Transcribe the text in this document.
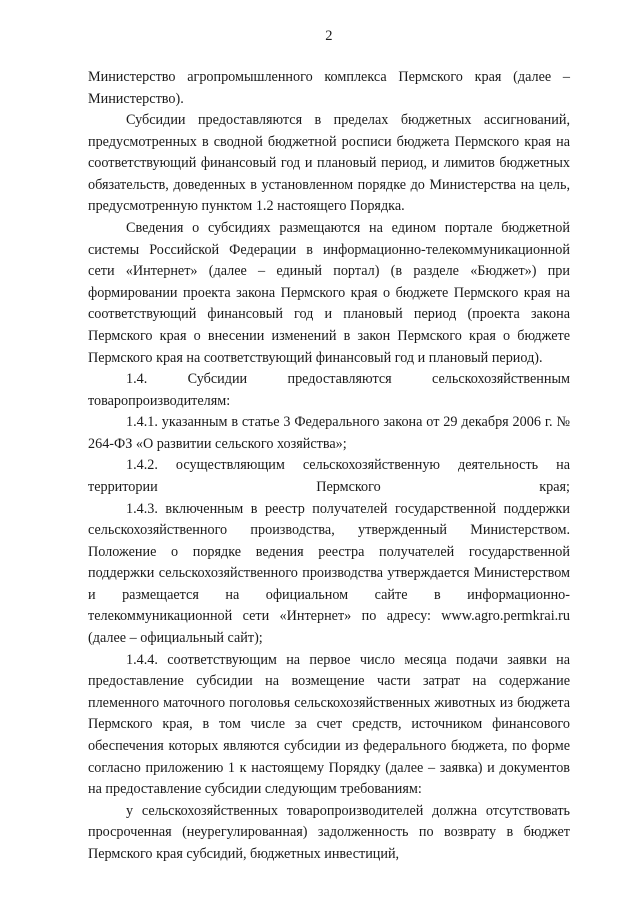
2

Министерство агропромышленного комплекса Пермского края (далее – Министерство).

Субсидии предоставляются в пределах бюджетных ассигнований, предусмотренных в сводной бюджетной росписи бюджета Пермского края на соответствующий финансовый год и плановый период, и лимитов бюджетных обязательств, доведенных в установленном порядке до Министерства на цель, предусмотренную пунктом 1.2 настоящего Порядка.

Сведения о субсидиях размещаются на едином портале бюджетной системы Российской Федерации в информационно-телекоммуникационной сети «Интернет» (далее – единый портал) (в разделе «Бюджет») при формировании проекта закона Пермского края о бюджете Пермского края на соответствующий финансовый год и плановый период (проекта закона Пермского края о внесении изменений в закон Пермского края о бюджете Пермского края на соответствующий финансовый год и плановый период).

1.4. Субсидии предоставляются сельскохозяйственным товаропроизводителям:

1.4.1. указанным в статье 3 Федерального закона от 29 декабря 2006 г. № 264-ФЗ «О развитии сельского хозяйства»;

1.4.2. осуществляющим сельскохозяйственную деятельность на территории Пермского края;

1.4.3. включенным в реестр получателей государственной поддержки сельскохозяйственного производства, утвержденный Министерством. Положение о порядке ведения реестра получателей государственной поддержки сельскохозяйственного производства утверждается Министерством и размещается на официальном сайте в информационно-телекоммуникационной сети «Интернет» по адресу: www.agro.permkrai.ru (далее – официальный сайт);

1.4.4. соответствующим на первое число месяца подачи заявки на предоставление субсидии на возмещение части затрат на содержание племенного маточного поголовья сельскохозяйственных животных из бюджета Пермского края, в том числе за счет средств, источником финансового обеспечения которых являются субсидии из федерального бюджета, по форме согласно приложению 1 к настоящему Порядку (далее – заявка) и документов на предоставление субсидии следующим требованиям:

у сельскохозяйственных товаропроизводителей должна отсутствовать просроченная (неурегулированная) задолженность по возврату в бюджет Пермского края субсидий, бюджетных инвестиций,
